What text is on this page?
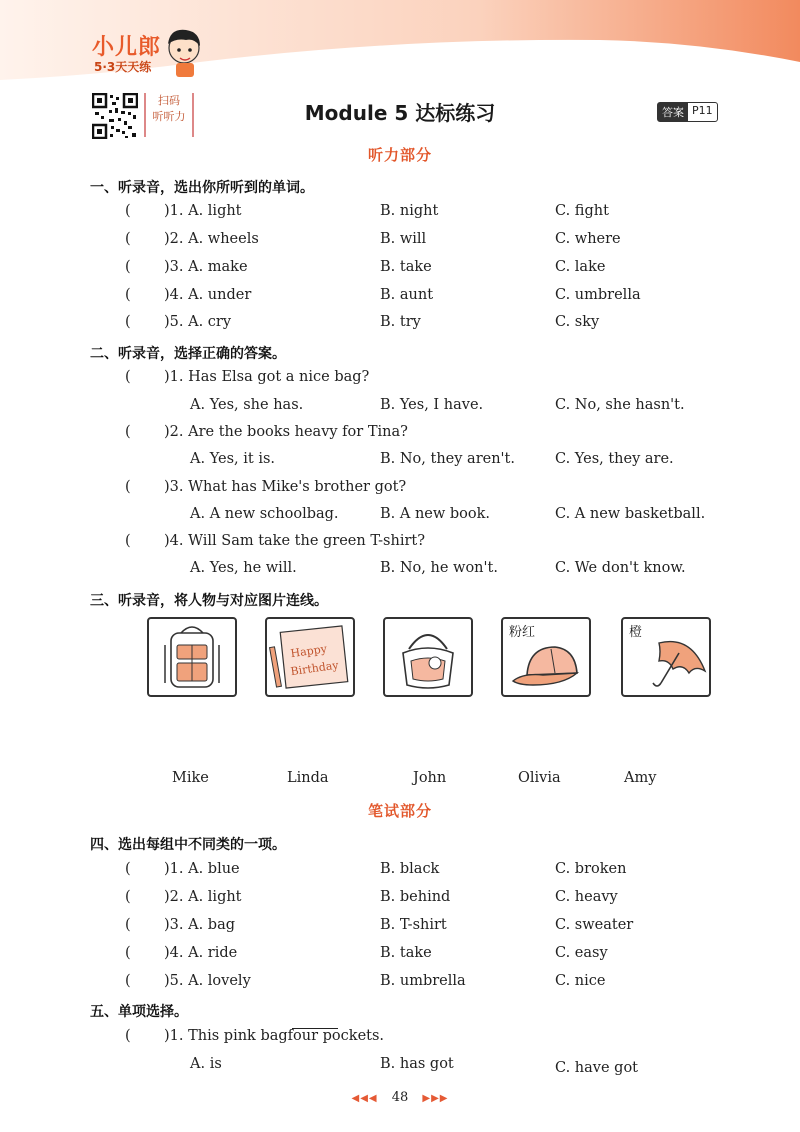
小儿郎
5·3天天练
扫码
听听力	Module 5 达标练习	答案 P11
听力部分
一、听录音，选出你所听到的单词。
( )1. A. light	B. night	C. fight
( )2. A. wheels	B. will	C. where
( )3. A. make	B. take	C. lake
( )4. A. under	B. aunt	C. umbrella
( )5. A. cry	B. try	C. sky
二、听录音，选择正确的答案。
( )1. Has Elsa got a nice bag?
A. Yes, she has.	B. Yes, I have.	C. No, she hasn't.
( )2. Are the books heavy for Tina?
A. Yes, it is.	B. No, they aren't.	C. Yes, they are.
( )3. What has Mike's brother got?
A. A new schoolbag.	B. A new book.	C. A new basketball.
( )4. Will Sam take the green T-shirt?
A. Yes, he will.	B. No, he won't.	C. We don't know.
三、听录音，将人物与对应图片连线。
Happy
Birthday
粉红	橙
Mike	Linda	John	Olivia	Amy
笔试部分
四、选出每组中不同类的一项。
( )1. A. blue	B. black	C. broken
( )2. A. light	B. behind	C. heavy
( )3. A. bag	B. T-shirt	C. sweater
( )4. A. ride	B. take	C. easy
( )5. A. lovely	B. umbrella	C. nice
五、单项选择。
( )1. This pink bag
four pockets.
A. is	B. has got	C. have got
◀◀◀ 48 ▶▶▶
